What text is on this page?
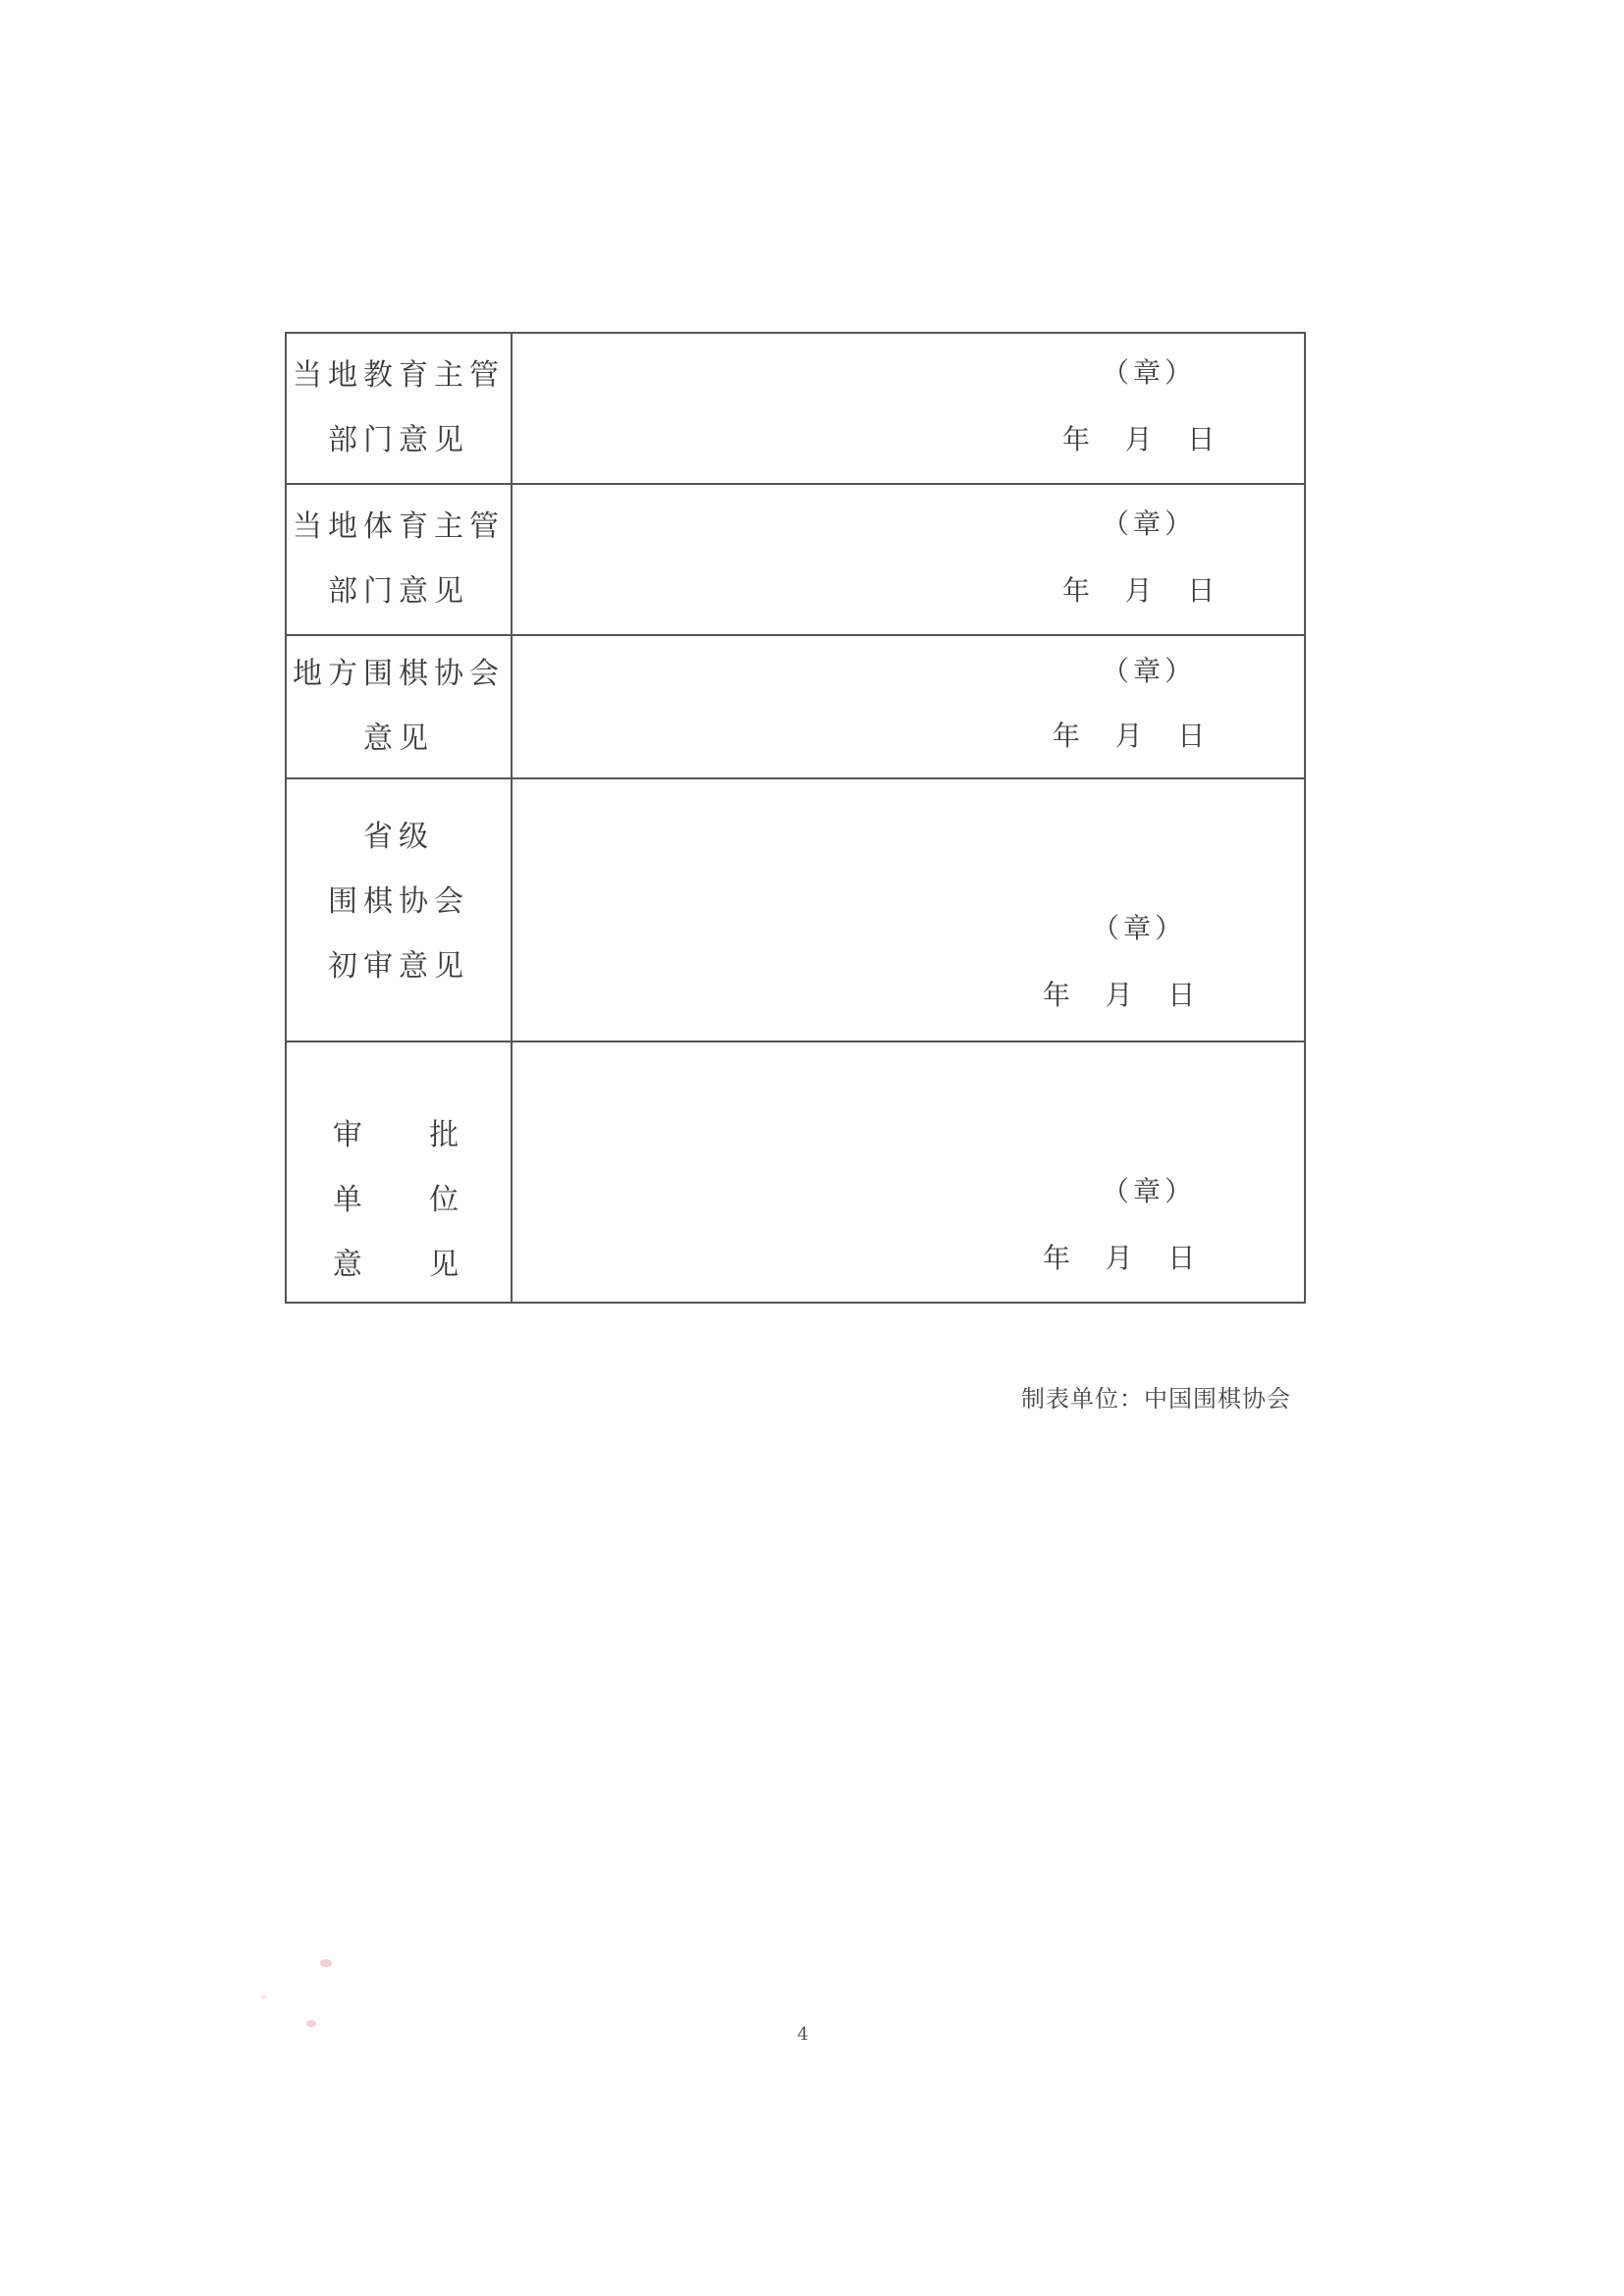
当地教育主管
部门意见
（章）
年    月    日
当地体育主管
部门意见
（章）
年    月    日
地方围棋协会
意见
（章）
年    月    日
省级
围棋协会
初审意见
（章）
年    月    日
审    批
单    位
意    见
（章）
年    月    日
制表单位：中国围棋协会
4
